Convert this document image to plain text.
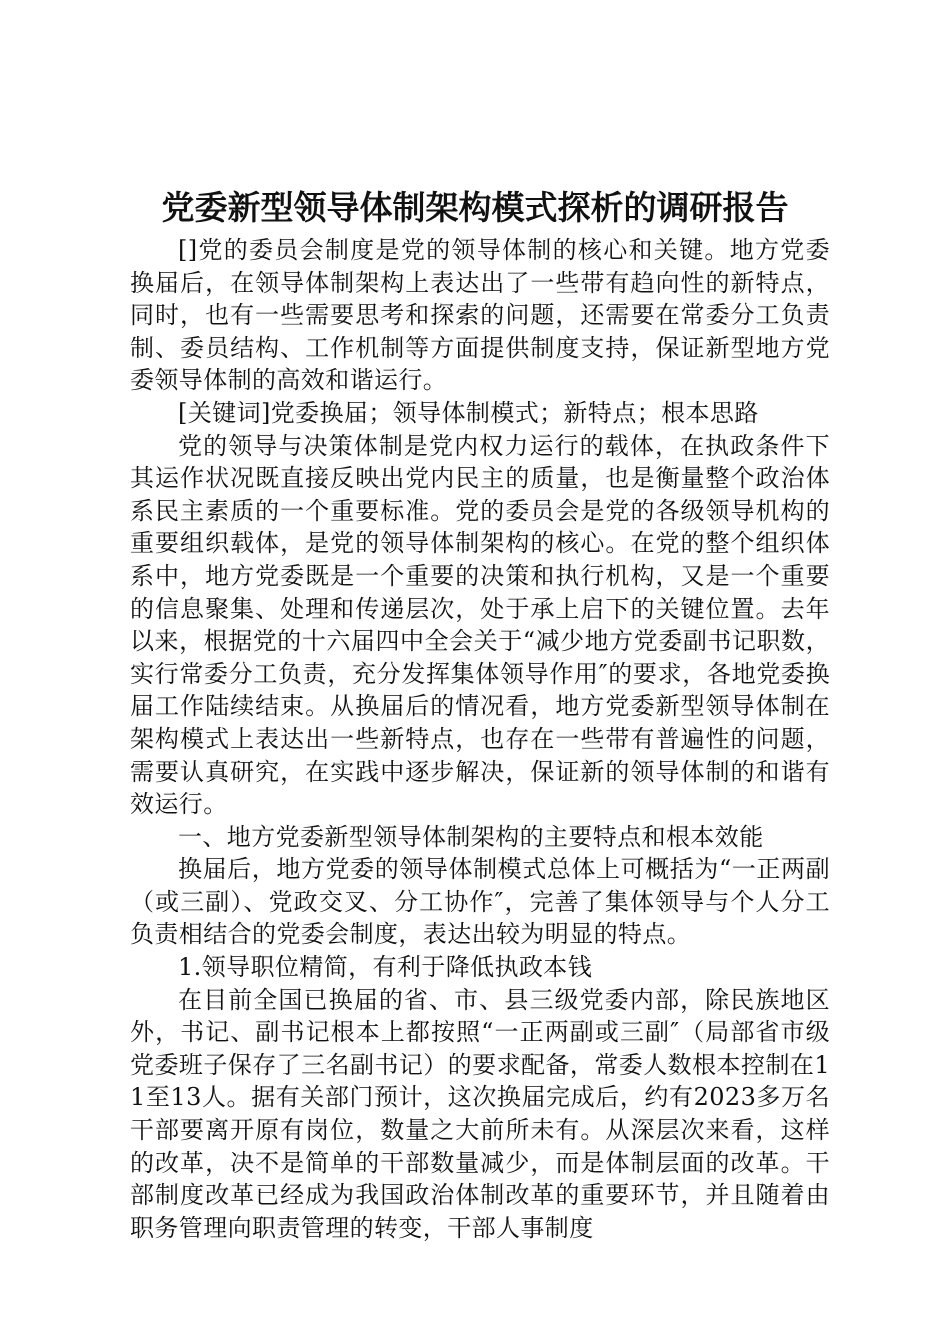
党委新型领导体制架构模式探析的调研报告

[]党的委员会制度是党的领导体制的核心和关键。地方党委换届后，在领导体制架构上表达出了一些带有趋向性的新特点，同时，也有一些需要思考和探索的问题，还需要在常委分工负责制、委员结构、工作机制等方面提供制度支持，保证新型地方党委领导体制的高效和谐运行。

[关键词]党委换届；领导体制模式；新特点；根本思路

党的领导与决策体制是党内权力运行的载体，在执政条件下其运作状况既直接反映出党内民主的质量，也是衡量整个政治体系民主素质的一个重要标准。党的委员会是党的各级领导机构的重要组织载体，是党的领导体制架构的核心。在党的整个组织体系中，地方党委既是一个重要的决策和执行机构，又是一个重要的信息聚集、处理和传递层次，处于承上启下的关键位置。去年以来，根据党的十六届四中全会关于“减少地方党委副书记职数，实行常委分工负责，充分发挥集体领导作用″的要求，各地党委换届工作陆续结束。从换届后的情况看，地方党委新型领导体制在架构模式上表达出一些新特点，也存在一些带有普遍性的问题，需要认真研究，在实践中逐步解决，保证新的领导体制的和谐有效运行。

一、地方党委新型领导体制架构的主要特点和根本效能

换届后，地方党委的领导体制模式总体上可概括为“一正两副（或三副）、党政交叉、分工协作″，完善了集体领导与个人分工负责相结合的党委会制度，表达出较为明显的特点。

1.领导职位精简，有利于降低执政本钱

在目前全国已换届的省、市、县三级党委内部，除民族地区外，书记、副书记根本上都按照“一正两副或三副″（局部省市级党委班子保存了三名副书记）的要求配备，常委人数根本控制在11至13人。据有关部门预计，这次换届完成后，约有2023多万名干部要离开原有岗位，数量之大前所未有。从深层次来看，这样的改革，决不是简单的干部数量减少，而是体制层面的改革。干部制度改革已经成为我国政治体制改革的重要环节，并且随着由职务管理向职责管理的转变，干部人事制度
